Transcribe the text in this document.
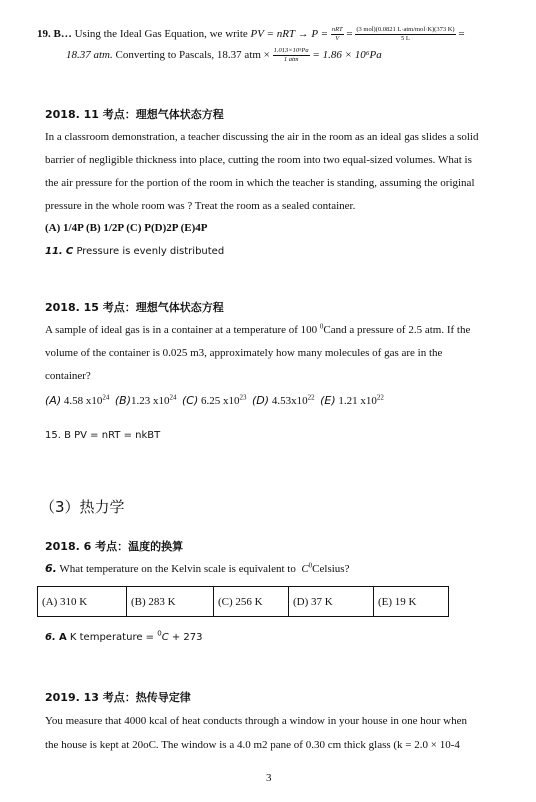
19. B… Using the Ideal Gas Equation, we write PV = nRT → $P = \frac{\text{nRT}}{V} = \frac{\text{(3 mol)(0.0821 L·atm/mol·K)(373 K)}}{5 L}$ =
18.37 atm. Converting to Pascals, 18.37 atm × $\frac{\text{1.013×10⁵Pa}}{\text{1 atm}} = 1.86 \times 10^6Pa$
2018. 11 考点：理想气体状态方程
In a classroom demonstration, a teacher discussing the air in the room as an ideal gas slides a solid
barrier of negligible thickness into place, cutting the room into two equal-sized volumes. What is
the air pressure for the portion of the room in which the teacher is standing, assuming the original
pressure in the whole room was ? Treat the room as a sealed container.
(A) 1/4P (B) 1/2P (C) P(D)2P (E)4P
11. C Pressure is evenly distributed
2018. 15 考点：理想气体状态方程
A sample of ideal gas is in a container at a temperature of 100 $^0$Cand a pressure of 2.5 atm. If the
volume of the container is 0.025 m3, approximately how many molecules of gas are in the
container?
(A) 4.58 $x10^{24}$ (B)1.23 $x10^{24}$ (C) 6.25 $x10^{23}$ (D) $4.53x10^{22}$ (E) 1.21 $x10^{22}$
15. B PV = nRT = nkBT
（3）热力学
2018. 6 考点：温度的换算
6. What temperature on the Kelvin scale is equivalent to $C^0Celsius$?
(A) 310 K	(B) 283 K	(C) 256 K	(D) 37 K	(E) 19 K
6. A K temperature = $^0$C + 273
2019. 13 考点：热传导定律
You measure that 4000 kcal of heat conducts through a window in your house in one hour when
the house is kept at 20oC. The window is a 4.0 m2 pane of 0.30 cm thick glass (k = 2.0 × 10-4
3
